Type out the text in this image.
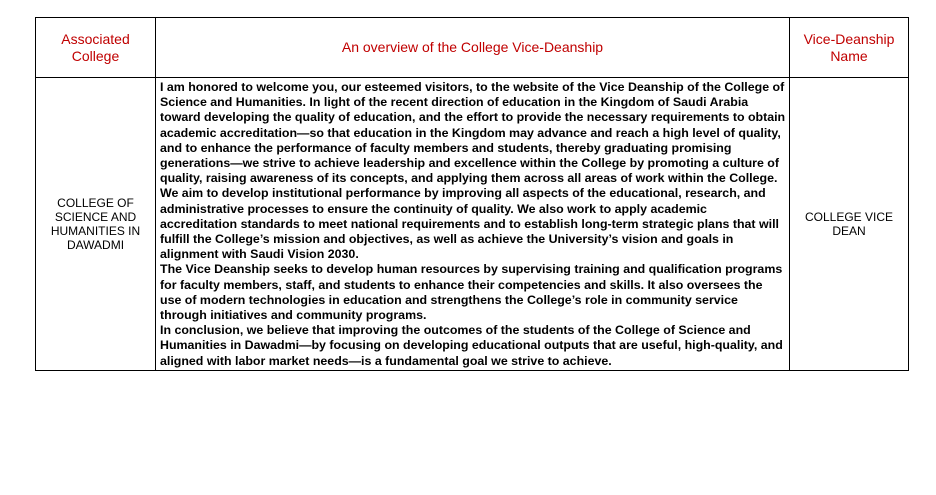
Associated College	An overview of the College Vice-Deanship	Vice-Deanship Name
COLLEGE OF SCIENCE AND HUMANITIES IN DAWADMI	I am honored to welcome you, our esteemed visitors, to the website of the Vice Deanship of the College of Science and Humanities. In light of the recent direction of education in the Kingdom of Saudi Arabia toward developing the quality of education, and the effort to provide the necessary requirements to obtain academic accreditation—so that education in the Kingdom may advance and reach a high level of quality, and to enhance the performance of faculty members and students, thereby graduating promising generations—we strive to achieve leadership and excellence within the College by promoting a culture of quality, raising awareness of its concepts, and applying them across all areas of work within the College.
We aim to develop institutional performance by improving all aspects of the educational, research, and administrative processes to ensure the continuity of quality. We also work to apply academic accreditation standards to meet national requirements and to establish long-term strategic plans that will fulfill the College’s mission and objectives, as well as achieve the University’s vision and goals in alignment with Saudi Vision 2030.
The Vice Deanship seeks to develop human resources by supervising training and qualification programs for faculty members, staff, and students to enhance their competencies and skills. It also oversees the use of modern technologies in education and strengthens the College’s role in community service through initiatives and community programs.
In conclusion, we believe that improving the outcomes of the students of the College of Science and Humanities in Dawadmi—by focusing on developing educational outputs that are useful, high-quality, and aligned with labor market needs—is a fundamental goal we strive to achieve.	COLLEGE VICE DEAN
